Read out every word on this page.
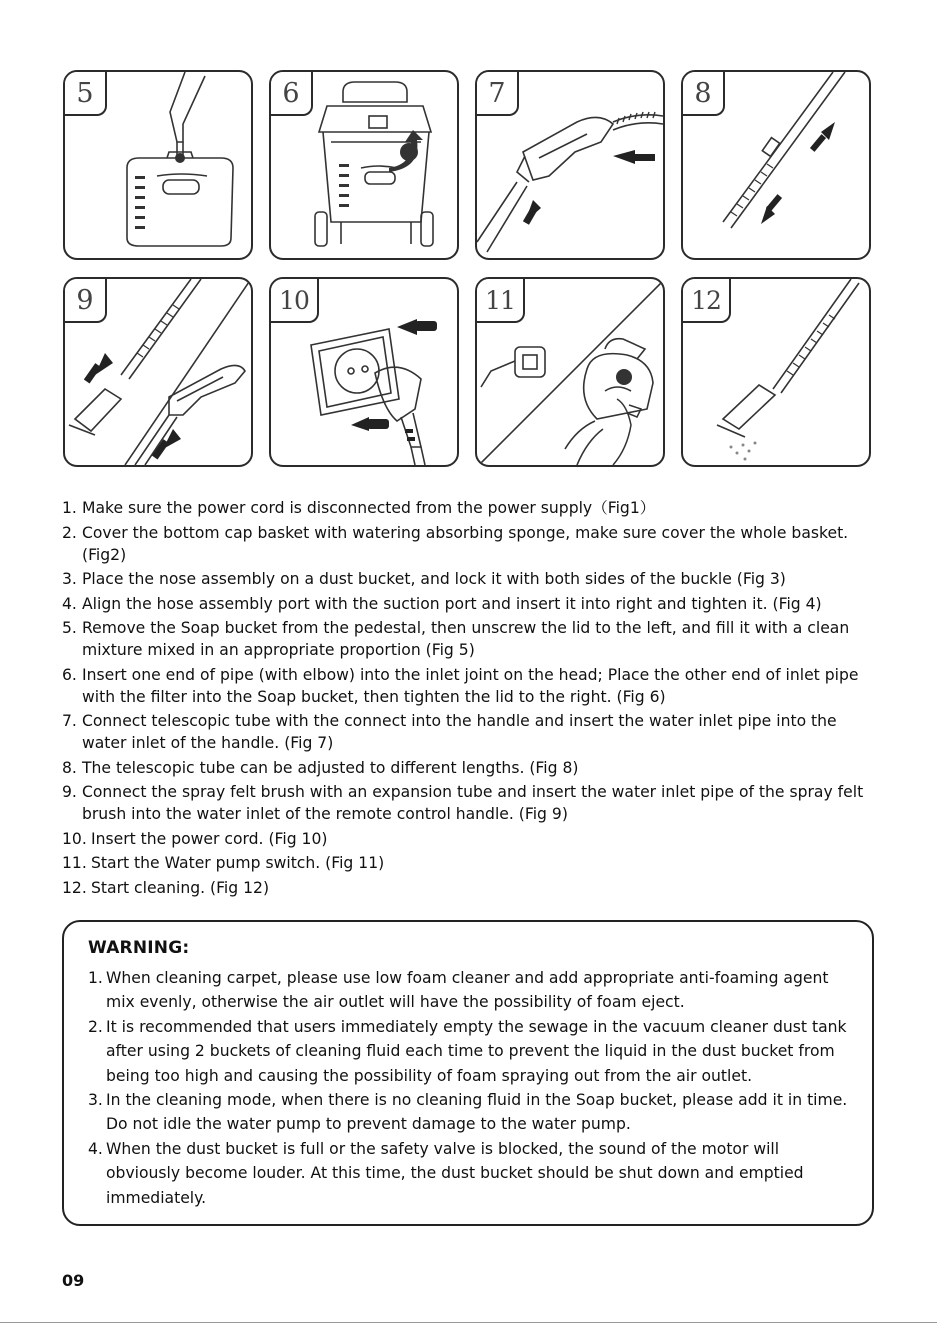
5	6	7	8
9	10	11	12
1. Make sure the power cord is disconnected from the power supply（Fig1）
2. Cover the bottom cap basket with watering absorbing sponge, make sure cover the whole basket. (Fig2)
3. Place the nose assembly on a dust bucket, and lock it with both sides of the buckle (Fig 3)
4. Align the hose assembly port with the suction port and insert it into right and tighten it. (Fig 4)
5. Remove the Soap bucket from the pedestal, then unscrew the lid to the left, and fill it with a clean mixture mixed in an appropriate proportion (Fig 5)
6. Insert one end of pipe (with elbow) into the inlet joint on the head; Place the other end of inlet pipe with the filter into the Soap bucket, then tighten the lid to the right. (Fig 6)
7. Connect telescopic tube with the connect into the handle and insert the water inlet pipe into the water inlet of the handle. (Fig 7)
8. The telescopic tube can be adjusted to different lengths. (Fig 8)
9. Connect the spray felt brush with an expansion tube and insert the water inlet pipe of the spray felt brush into the water inlet of the remote control handle. (Fig 9)
10. Insert the power cord. (Fig 10)
11. Start the Water pump switch. (Fig 11)
12. Start cleaning. (Fig 12)
WARNING:
1. When cleaning carpet, please use low foam cleaner and add appropriate anti-foaming agent mix evenly, otherwise the air outlet will have the possibility of foam eject.
2. It is recommended that users immediately empty the sewage in the vacuum cleaner dust tank after using 2 buckets of cleaning fluid each time to prevent the liquid in the dust bucket from being too high and causing the possibility of foam spraying out from the air outlet.
3. In the cleaning mode, when there is no cleaning fluid in the Soap bucket, please add it in time. Do not idle the water pump to prevent damage to the water pump.
4. When the dust bucket is full or the safety valve is blocked, the sound of the motor will obviously become louder. At this time, the dust bucket should be shut down and emptied immediately.
09
